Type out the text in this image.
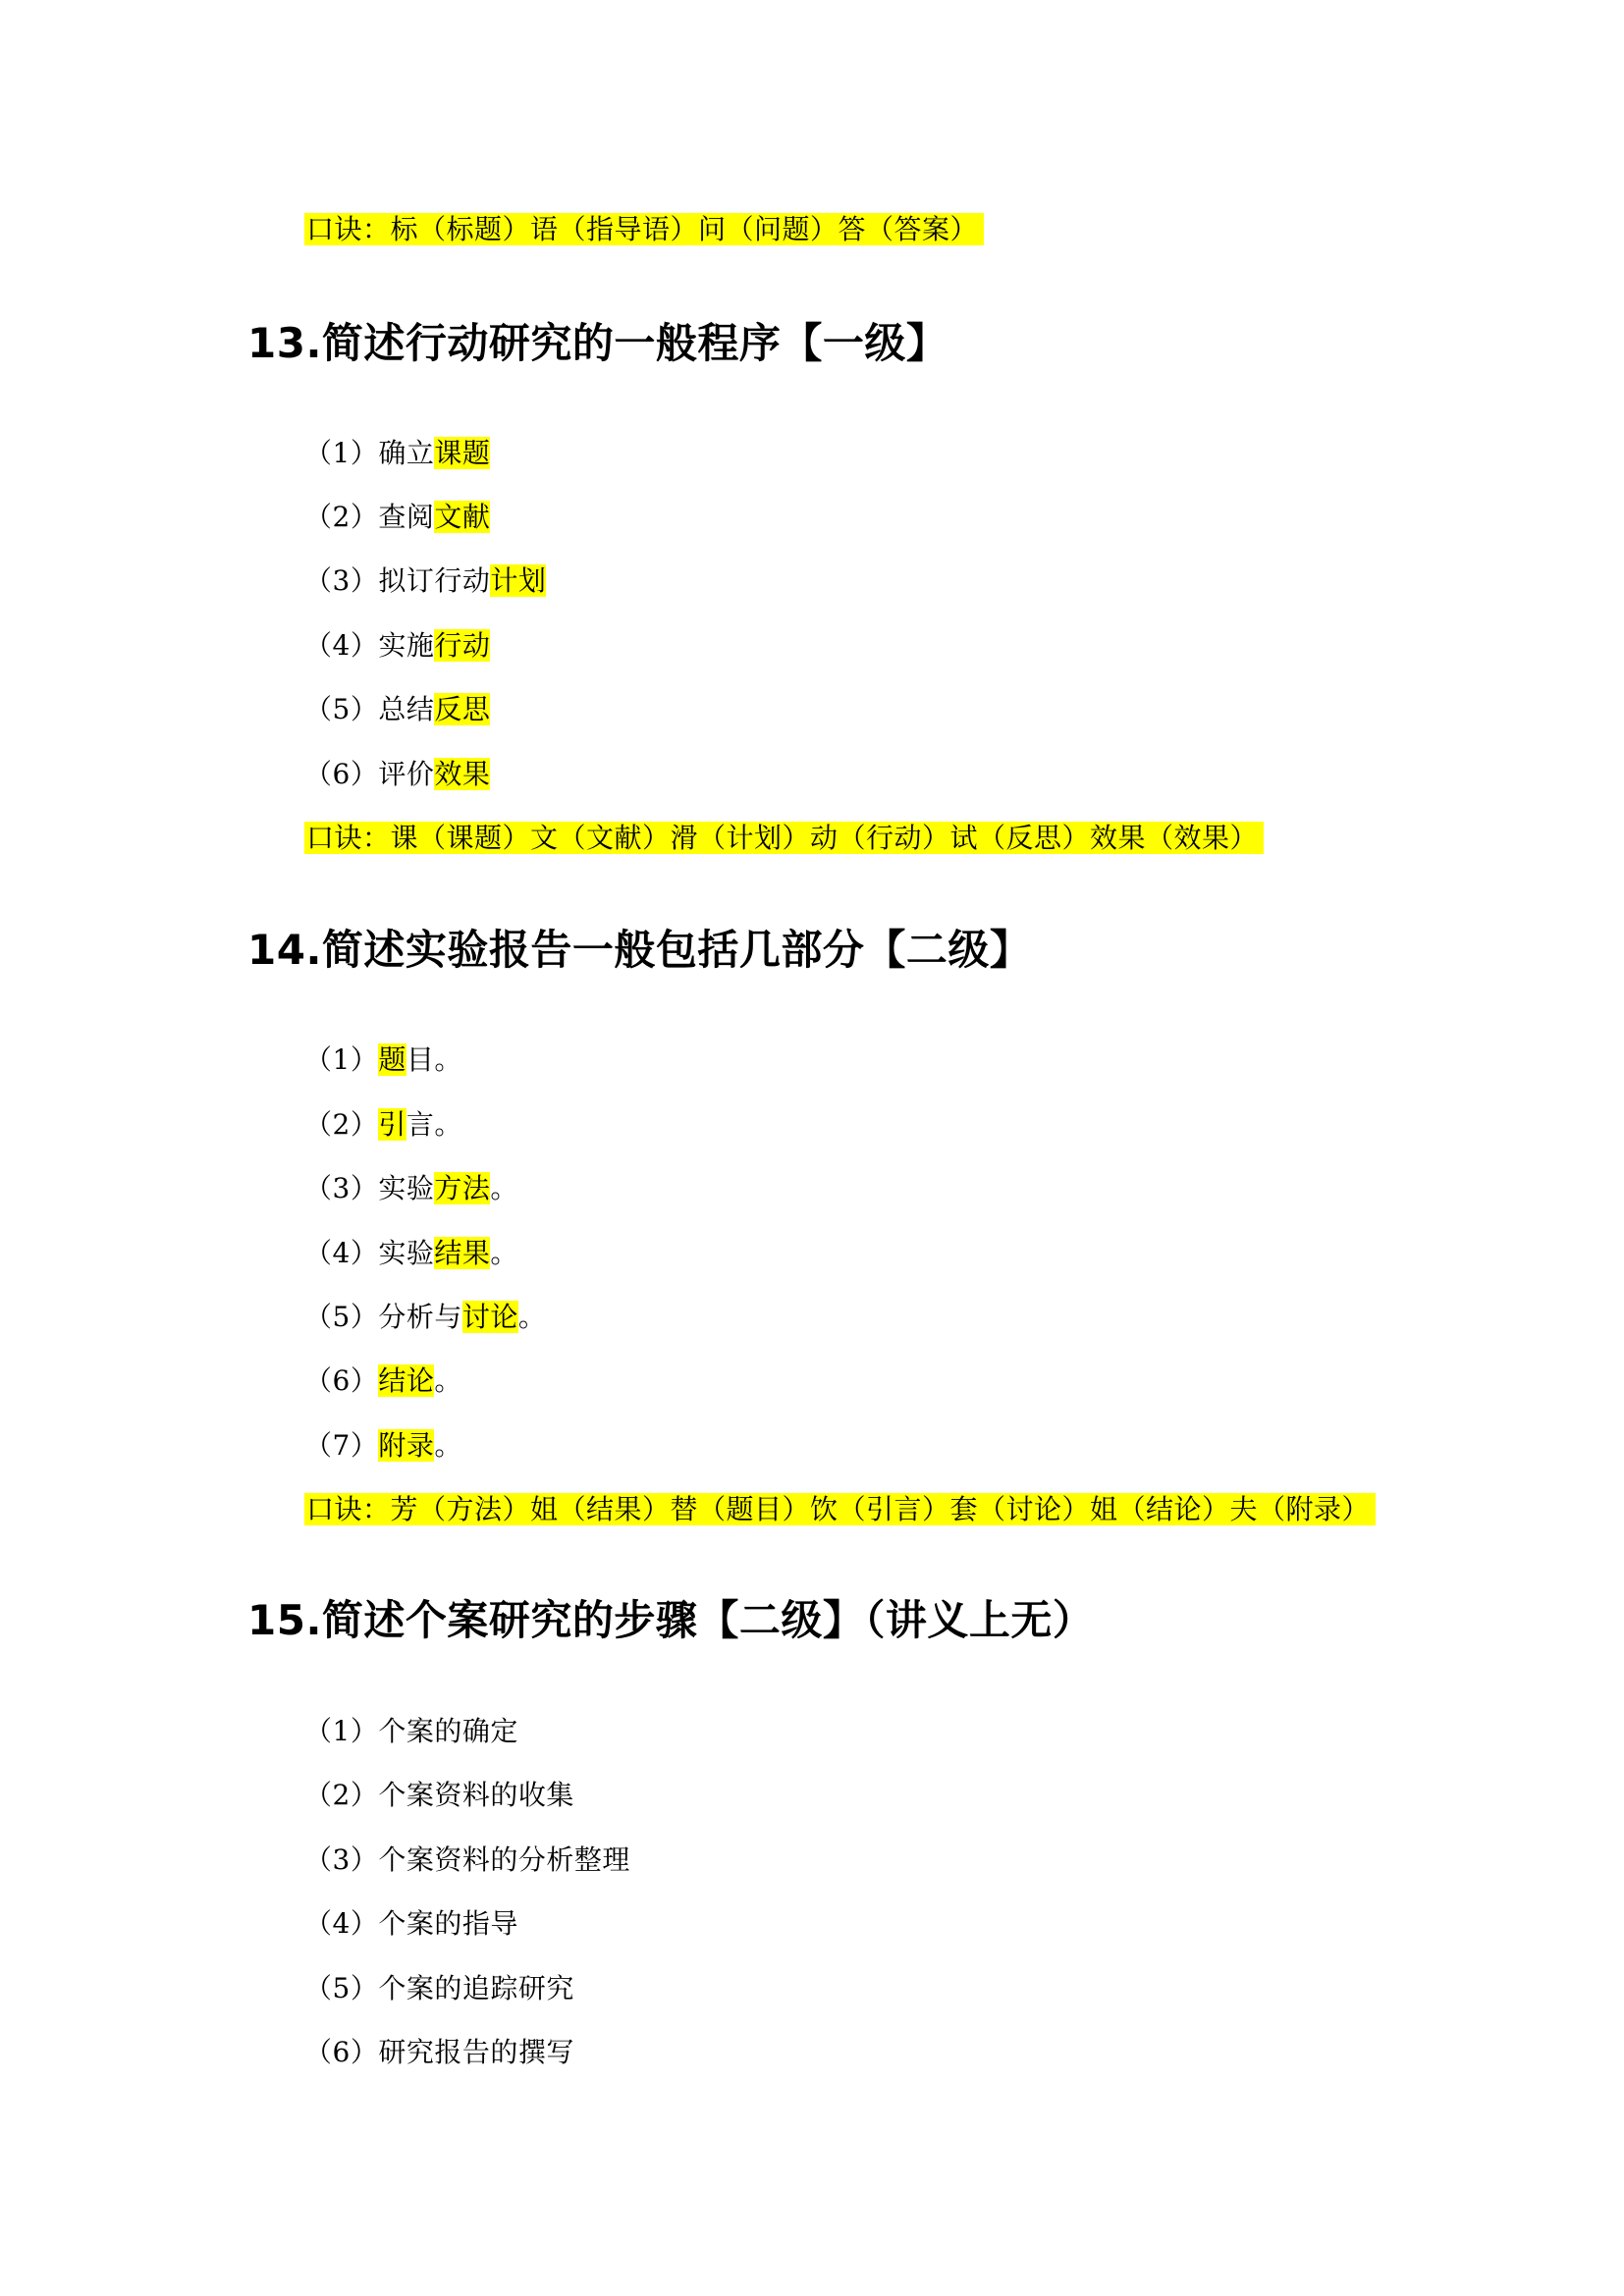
口诀：标（标题）语（指导语）问（问题）答（答案）
13.简述行动研究的一般程序【一级】
（1）确立课题
（2）查阅文献
（3）拟订行动计划
（4）实施行动
（5）总结反思
（6）评价效果
口诀：课（课题）文（文献）滑（计划）动（行动）试（反思）效果（效果）
14.简述实验报告一般包括几部分【二级】
（1）题目。
（2）引言。
（3）实验方法。
（4）实验结果。
（5）分析与讨论。
（6）结论。
（7）附录。
口诀：芳（方法）姐（结果）替（题目）饮（引言）套（讨论）姐（结论）夫（附录）
15.简述个案研究的步骤【二级】（讲义上无）
（1）个案的确定
（2）个案资料的收集
（3）个案资料的分析整理
（4）个案的指导
（5）个案的追踪研究
（6）研究报告的撰写
